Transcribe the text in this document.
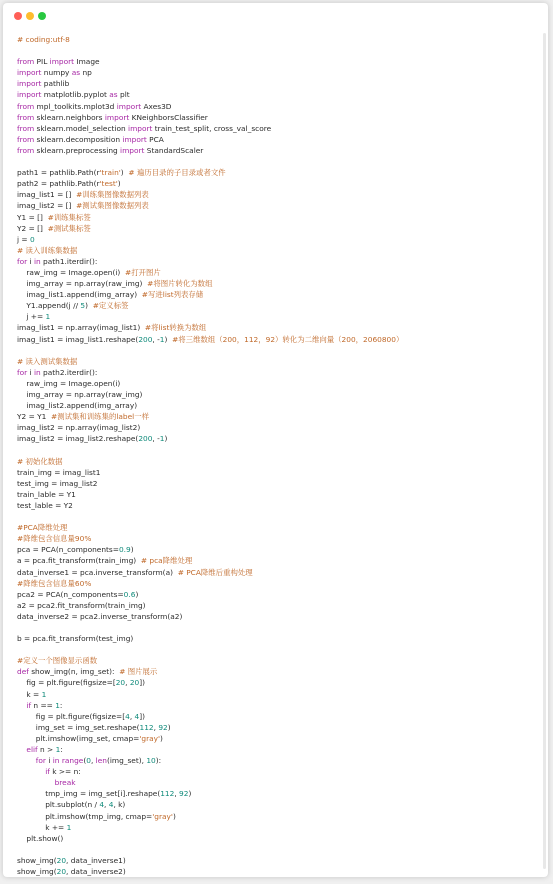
# coding:utf-8

from PIL import Image
import numpy as np
import pathlib
import matplotlib.pyplot as plt
from mpl_toolkits.mplot3d import Axes3D
from sklearn.neighbors import KNeighborsClassifier
from sklearn.model_selection import train_test_split, cross_val_score
from sklearn.decomposition import PCA
from sklearn.preprocessing import StandardScaler

path1 = pathlib.Path(r'train')  # 遍历目录的子目录或者文件
path2 = pathlib.Path(r'test')
imag_list1 = []  #训练集图像数据列表
imag_list2 = []  #测试集图像数据列表
Y1 = []  #训练集标签
Y2 = []  #测试集标签
j = 0
# 读入训练集数据
for i in path1.iterdir():
raw_img = Image.open(i)  #打开图片
img_array = np.array(raw_img)  #将图片转化为数组
imag_list1.append(img_array)  #写进list列表存储
Y1.append(j // 5)  #定义标签
j += 1
imag_list1 = np.array(imag_list1)  #将list转换为数组
imag_list1 = imag_list1.reshape(200, -1)  #将三维数组（200，112，92）转化为二维向量（200，2060800）

# 读入测试集数据
for i in path2.iterdir():
raw_img = Image.open(i)
img_array = np.array(raw_img)
imag_list2.append(img_array)
Y2 = Y1  #测试集和训练集的label一样
imag_list2 = np.array(imag_list2)
imag_list2 = imag_list2.reshape(200, -1)

# 初始化数据
train_img = imag_list1
test_img = imag_list2
train_lable = Y1
test_lable = Y2

#PCA降维处理
#降维包含信息量90%
pca = PCA(n_components=0.9)
a = pca.fit_transform(train_img)  # pca降维处理
data_inverse1 = pca.inverse_transform(a)  # PCA降维后重构处理
#降维包含信息量60%
pca2 = PCA(n_components=0.6)
a2 = pca2.fit_transform(train_img)
data_inverse2 = pca2.inverse_transform(a2)

b = pca.fit_transform(test_img)

#定义一个图像显示函数
def show_img(n, img_set):  # 图片展示
fig = plt.figure(figsize=[20, 20])
k = 1
if n == 1:
fig = plt.figure(figsize=[4, 4])
img_set = img_set.reshape(112, 92)
plt.imshow(img_set, cmap='gray')
elif n > 1:
for i in range(0, len(img_set), 10):
if k >= n:
break
tmp_img = img_set[i].reshape(112, 92)
plt.subplot(n / 4, 4, k)
plt.imshow(tmp_img, cmap='gray')
k += 1
plt.show()

show_img(20, data_inverse1)
show_img(20, data_inverse2)
